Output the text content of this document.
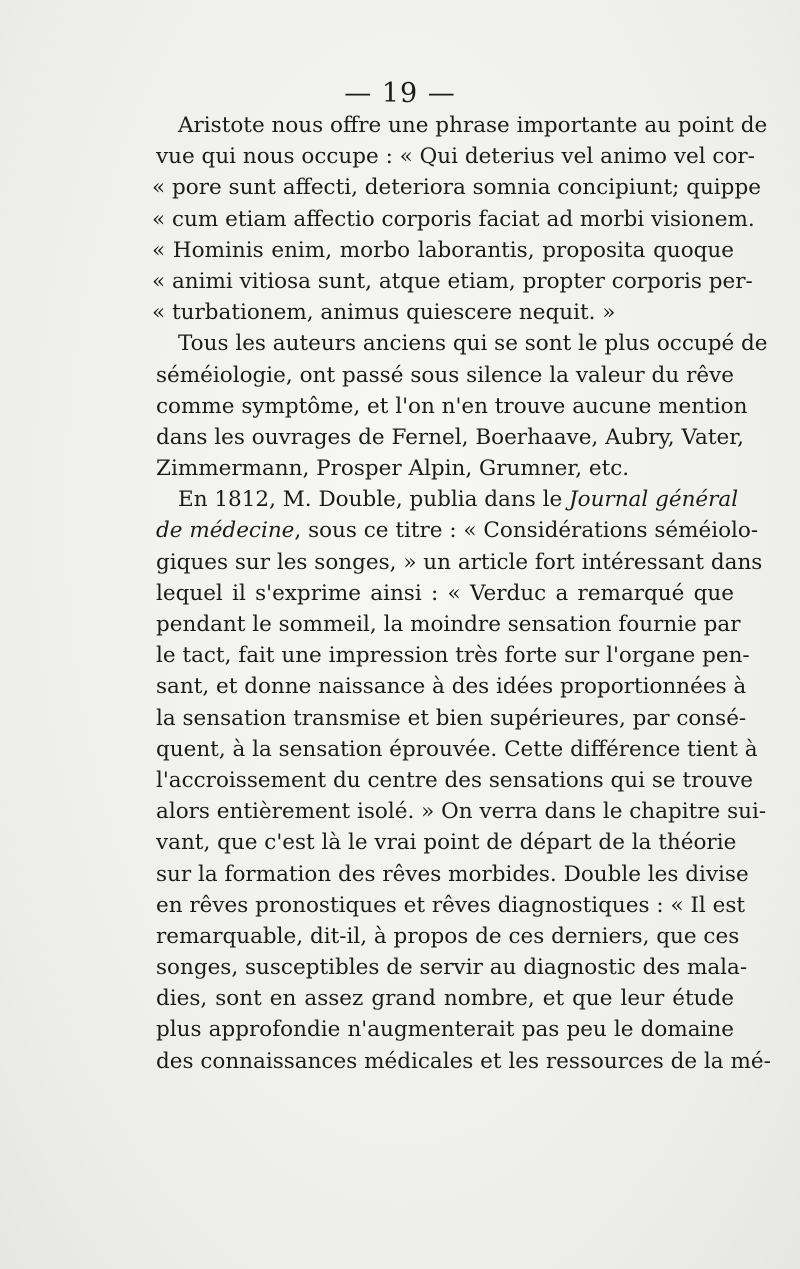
— 19 —
Aristote nous offre une phrase importante au point de
vue qui nous occupe : « Qui deterius vel animo vel cor-
« pore sunt affecti, deteriora somnia concipiunt; quippe
« cum etiam affectio corporis faciat ad morbi visionem.
« Hominis enim, morbo laborantis, proposita quoque
« animi vitiosa sunt, atque etiam, propter corporis per-
« turbationem, animus quiescere nequit. »
Tous les auteurs anciens qui se sont le plus occupé de
séméiologie, ont passé sous silence la valeur du rêve
comme symptôme, et l'on n'en trouve aucune mention
dans les ouvrages de Fernel, Boerhaave, Aubry, Vater,
Zimmermann, Prosper Alpin, Grumner, etc.
En 1812, M. Double, publia dans le Journal général
de médecine, sous ce titre : « Considérations séméiolo-
giques sur les songes, » un article fort intéressant dans
lequel il s'exprime ainsi : « Verduc a remarqué que
pendant le sommeil, la moindre sensation fournie par
le tact, fait une impression très forte sur l'organe pen-
sant, et donne naissance à des idées proportionnées à
la sensation transmise et bien supérieures, par consé-
quent, à la sensation éprouvée. Cette différence tient à
l'accroissement du centre des sensations qui se trouve
alors entièrement isolé. » On verra dans le chapitre sui-
vant, que c'est là le vrai point de départ de la théorie
sur la formation des rêves morbides. Double les divise
en rêves pronostiques et rêves diagnostiques : « Il est
remarquable, dit-il, à propos de ces derniers, que ces
songes, susceptibles de servir au diagnostic des mala-
dies, sont en assez grand nombre, et que leur étude
plus approfondie n'augmenterait pas peu le domaine
des connaissances médicales et les ressources de la mé-
